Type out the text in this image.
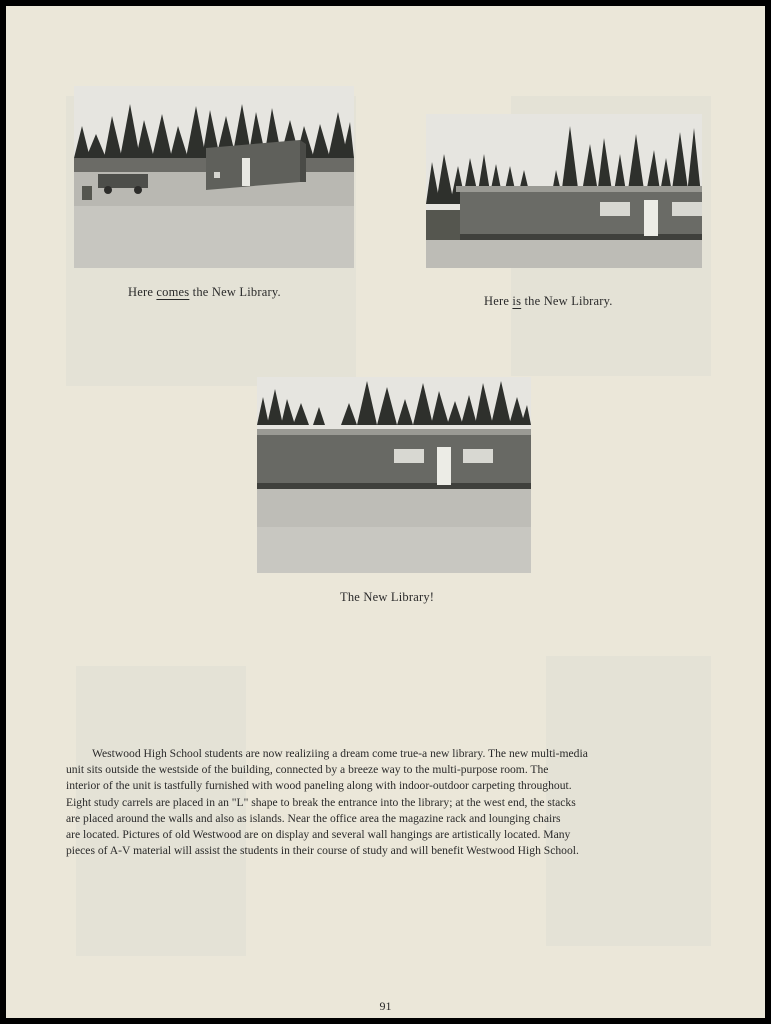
Here comes the New Library.
Here is the New Library.
The New Library!
Westwood High School students are now realiziing a dream come true-a new library. The new multi-media
unit sits outside the westside of the building, connected by a breeze way to the multi-purpose room. The
interior of the unit is tastfully furnished with wood paneling along with indoor-outdoor carpeting throughout.
Eight study carrels are placed in an "L" shape to break the entrance into the library; at the west end, the stacks
are placed around the walls and also as islands. Near the office area the magazine rack and lounging chairs
are located. Pictures of old Westwood are on display and several wall hangings are artistically located. Many
pieces of A-V material will assist the students in their course of study and will benefit Westwood High School.
91
